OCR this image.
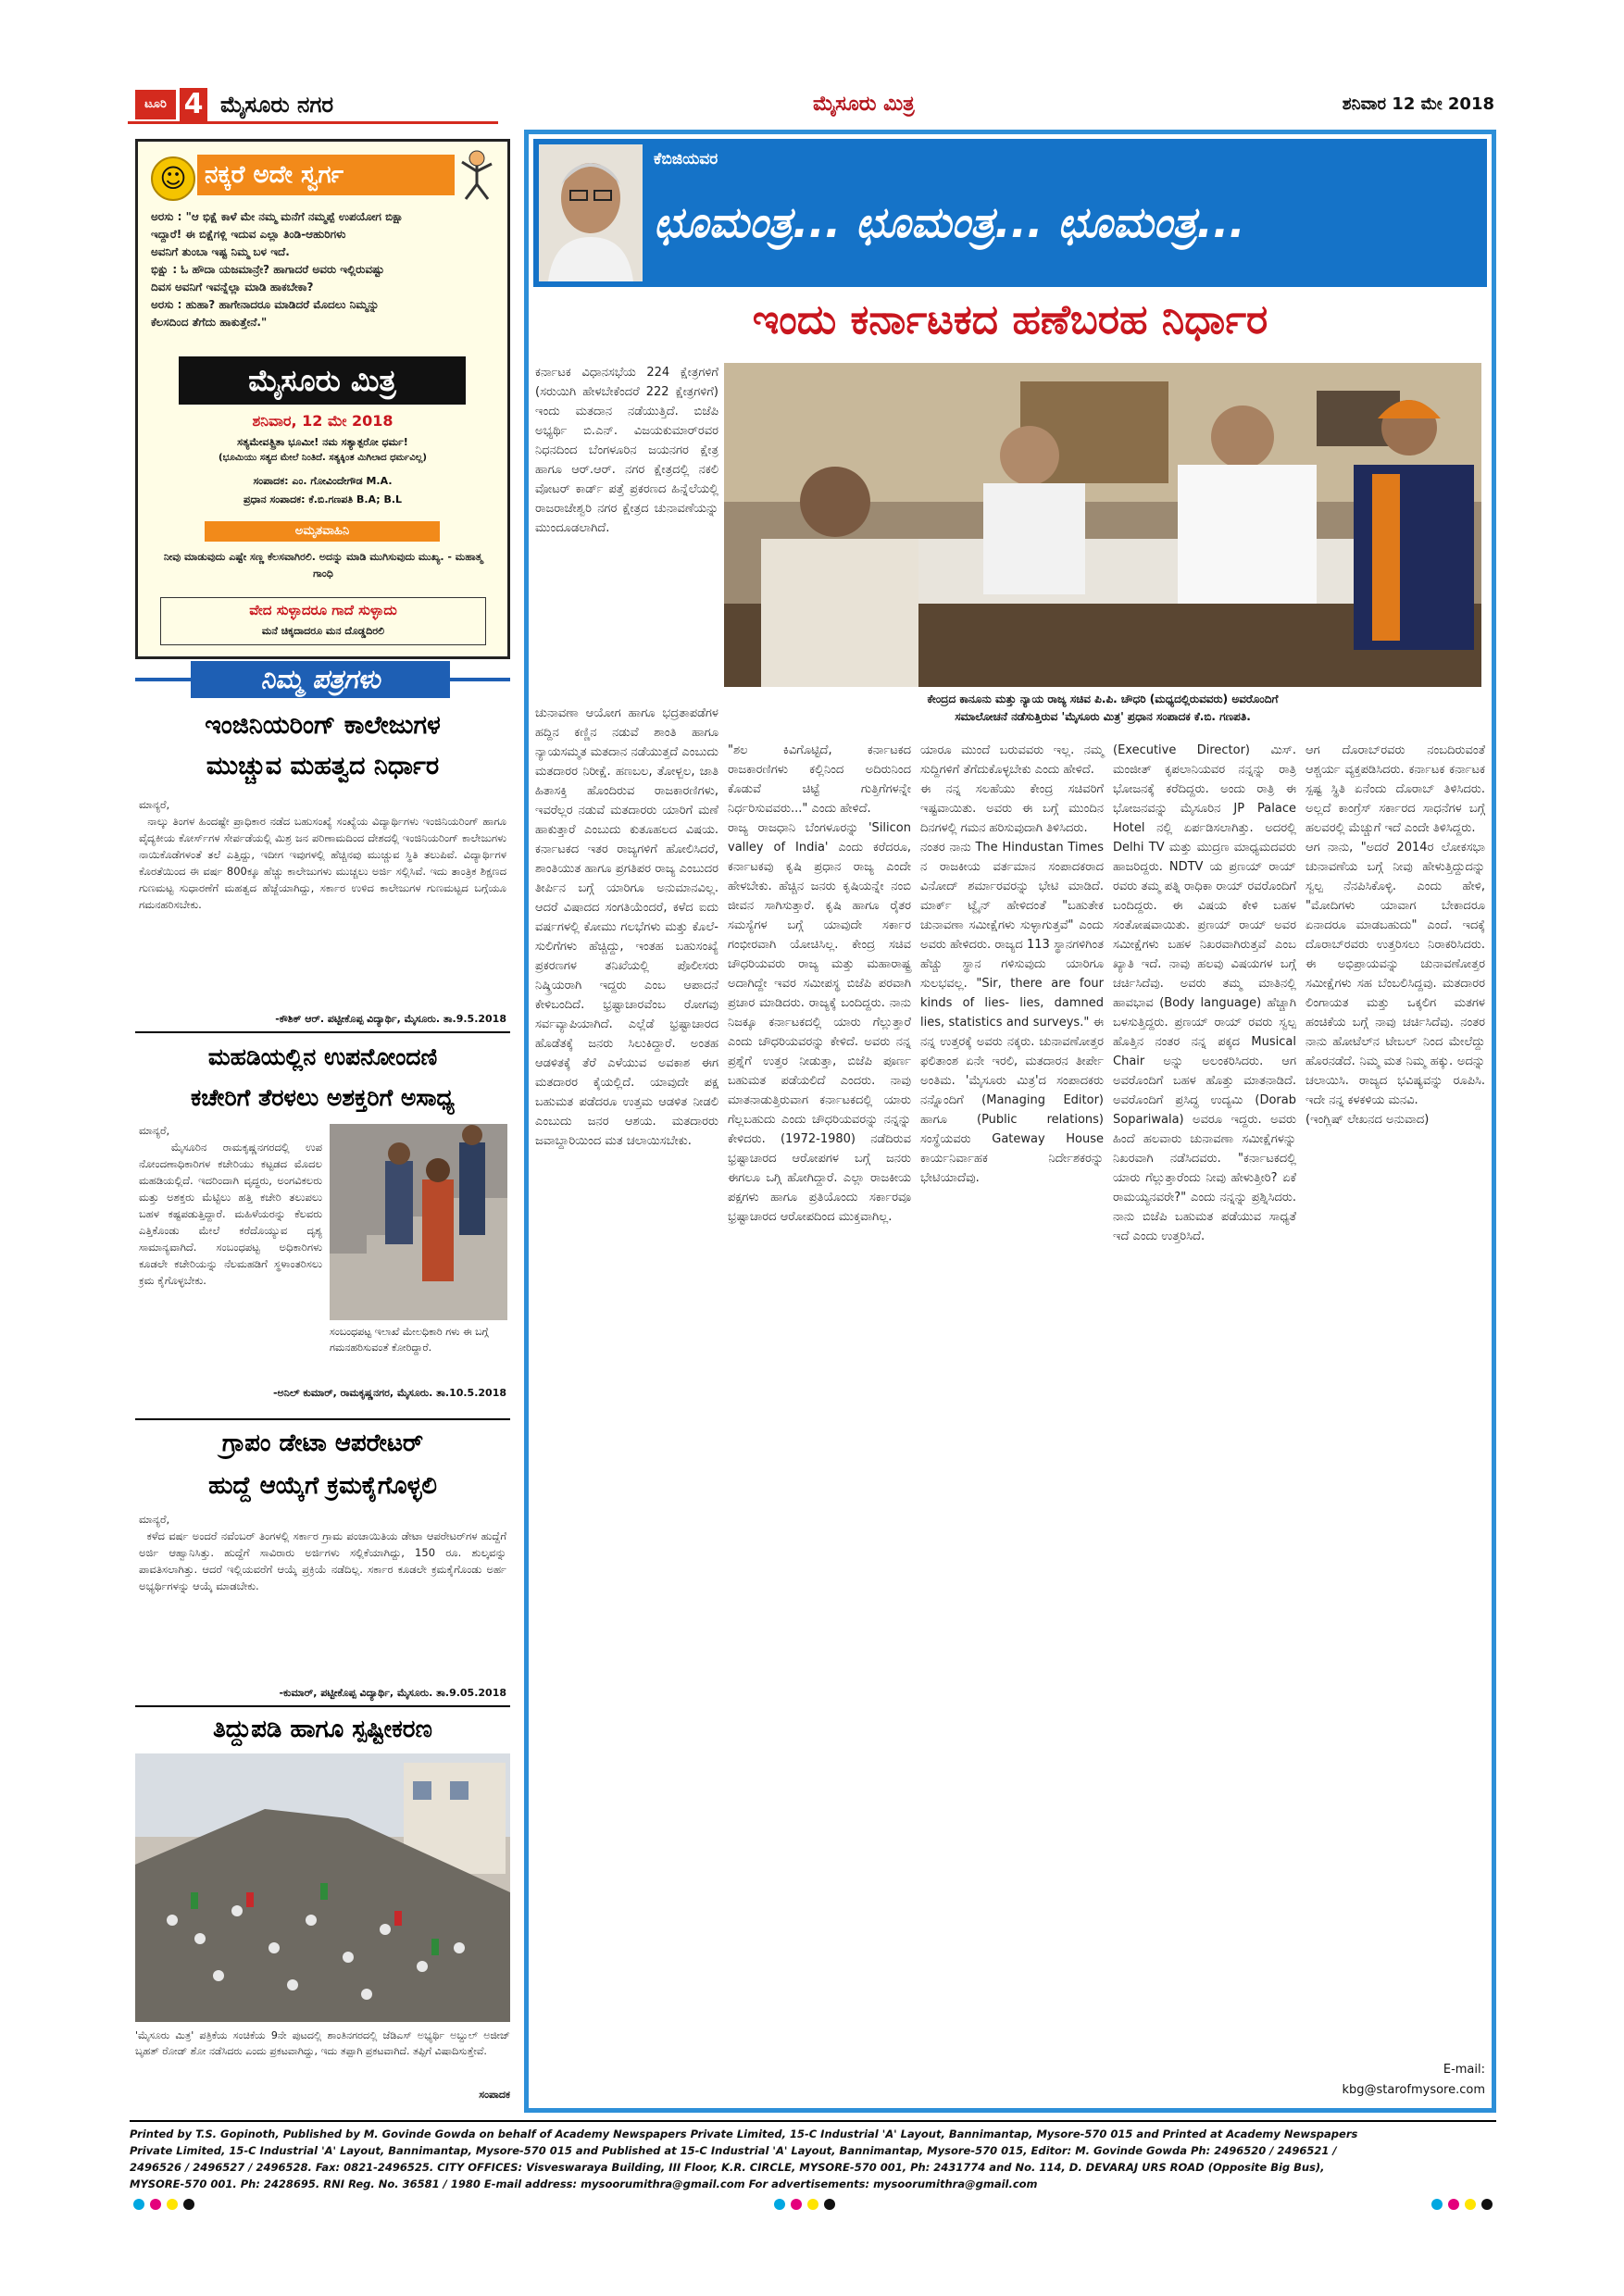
ಟೂರಿ 4 ಮೈಸೂರು ನಗರ	ಮೈಸೂರು ಮಿತ್ರ	ಶನಿವಾರ 12 ಮೇ 2018
☺ ನಕ್ಕರೆ ಅದೇ ಸ್ವರ್ಗ
ಅರಸು : "ಆ ಭಿಕ್ಷೆ ಕಾಳೆ ಮೇ ನಮ್ಮ ಮನೆಗೆ ನಮ್ಮಪ್ಪೆ ಉಪಯೋಗ ಬಿಕ್ಷಾ
ಇದ್ದಾರೆ! ಈ ಬಿಕ್ಷೆಗಳ್ಲಿ ಇದುವ ಎಲ್ಲಾ ತಿಂಡಿ-ಆಹುರಿಗಳು
ಅವನಿಗೆ ತುಂಬಾ ಇಷ್ಟ ನಿಮ್ಮ ಬಳ ಇದೆ.
ಭಿಕ್ಷು : ಓ ಹೌದಾ ಯಜಮಾನ್ರೇ? ಹಾಗಾದರೆ ಅವರು ಇಲ್ಲಿರುವಷ್ಟು
ದಿವಸ ಅವನಿಗೆ ಇವನ್ನೆಲ್ಲಾ ಮಾಡಿ ಹಾಕಬೇಕಾ?
ಅರಸು : ಹುಹಾ? ಹಾಗೇನಾದರೂ ಮಾಡಿದರೆ ಮೊದಲು ನಿಮ್ಮನ್ನು
ಕೆಲಸದಿಂದ ತೆಗೆದು ಹಾಕುತ್ತೇನೆ."
ಮೈಸೂರು ಮಿತ್ರ
ಶನಿವಾರ, 12 ಮೇ 2018
ಸತ್ಯಮೇವತ್ಪ್ರಿತಾ ಭೂಮೀ! ನಮ ಸತ್ಯಾತ್ಪರೋ ಧರ್ಮ!
(ಭೂಮಿಯು ಸತ್ಯದ ಮೇಲೆ ನಿಂತಿದೆ. ಸತ್ಯಕ್ಕಿಂತ ಮಿಗಿಲಾದ ಧರ್ಮವಿಲ್ಲ)
ಸಂಪಾದಕ: ಎಂ. ಗೋವಿಂದೇಗೌಡ M.A.
ಪ್ರಧಾನ ಸಂಪಾದಕ: ಕೆ.ಬಿ.ಗಣಪತಿ B.A; B.L
ಅಮೃತವಾಹಿನಿ
ನೀವು ಮಾಡುವುದು ಎಷ್ಟೇ ಸಣ್ಣ ಕೆಲಸವಾಗಿರಲಿ. ಅದನ್ನು ಮಾಡಿ ಮುಗಿಸುವುದು ಮುಖ್ಯ. - ಮಹಾತ್ಮ ಗಾಂಧಿ
ವೇದ ಸುಳ್ಳಾದರೂ ಗಾದೆ ಸುಳ್ಳಾದು
ಮನೆ ಚಿಕ್ಕದಾದರೂ ಮನ ದೊಡ್ಡದಿರಲಿ
ನಿಮ್ಮ ಪತ್ರಗಳು
ಇಂಜಿನಿಯರಿಂಗ್ ಕಾಲೇಜುಗಳ
ಮುಚ್ಚುವ ಮಹತ್ವದ ನಿರ್ಧಾರ
ಮಾನ್ಯರೆ,
ನಾಲ್ಕು ತಿಂಗಳ ಹಿಂದಷ್ಟೇ ಪ್ರಾಧಿಕಾರ ನಡೆದ ಬಹುಸಂಖ್ಯೆ ಸಂಖ್ಯೆಯ ವಿದ್ಯಾರ್ಥಿಗಳು ಇಂಜಿನಿಯರಿಂಗ್ ಹಾಗೂ ವೈದ್ಯಕೀಯ ಕೋರ್ಸ್‌ಗಳ ಸೇರ್ಪಡೆಯಲ್ಲಿ ಮಿಶ್ರ ಜನ ಪರಿಣಾಮದಿಂದ ದೇಶದಲ್ಲಿ ಇಂಜಿನಿಯರಿಂಗ್ ಕಾಲೇಜುಗಳು ನಾಯಿಕೊಡೆಗಳಂತೆ ತಲೆ ಎತ್ತಿದ್ದು, ಇದೀಗ ಇವುಗಳಲ್ಲಿ ಹೆಚ್ಚಿನವು ಮುಚ್ಚುವ ಸ್ಥಿತಿ ತಲುಪಿವೆ. ವಿದ್ಯಾರ್ಥಿಗಳ ಕೊರತೆಯಿಂದ ಈ ವರ್ಷ 800ಕ್ಕೂ ಹೆಚ್ಚು ಕಾಲೇಜುಗಳು ಮುಚ್ಚಲು ಅರ್ಜಿ ಸಲ್ಲಿಸಿವೆ. ಇದು ತಾಂತ್ರಿಕ ಶಿಕ್ಷಣದ ಗುಣಮಟ್ಟ ಸುಧಾರಣೆಗೆ ಮಹತ್ವದ ಹೆಜ್ಜೆಯಾಗಿದ್ದು, ಸರ್ಕಾರ ಉಳಿದ ಕಾಲೇಜುಗಳ ಗುಣಮಟ್ಟದ ಬಗ್ಗೆಯೂ ಗಮನಹರಿಸಬೇಕು.
-ಕೌಶಿಕ್ ಆರ್. ಪಟ್ಟೀಕೊಪ್ಪ ವಿದ್ಯಾರ್ಥಿ, ಮೈಸೂರು. ತಾ.9.5.2018
ಮಹಡಿಯಲ್ಲಿನ ಉಪನೋಂದಣಿ
ಕಚೇರಿಗೆ ತೆರಳಲು ಅಶಕ್ತರಿಗೆ ಅಸಾಧ್ಯ
ಮಾನ್ಯರೆ,
ಮೈಸೂರಿನ ರಾಮಕೃಷ್ಣನಗರದಲ್ಲಿ ಉಪ ನೋಂದಣಾಧಿಕಾರಿಗಳ ಕಚೇರಿಯು ಕಟ್ಟಡದ ಮೊದಲ ಮಹಡಿಯಲ್ಲಿದೆ. ಇದರಿಂದಾಗಿ ವೃದ್ಧರು, ಅಂಗವಿಕಲರು ಮತ್ತು ಅಶಕ್ತರು ಮೆಟ್ಟಿಲು ಹತ್ತಿ ಕಚೇರಿ ತಲುಪಲು ಬಹಳ ಕಷ್ಟಪಡುತ್ತಿದ್ದಾರೆ. ಮಹಿಳೆಯರನ್ನು ಕೆಲವರು ಎತ್ತಿಕೊಂಡು ಮೇಲೆ ಕರೆದೊಯ್ಯುವ ದೃಶ್ಯ ಸಾಮಾನ್ಯವಾಗಿದೆ. ಸಂಬಂಧಪಟ್ಟ ಅಧಿಕಾರಿಗಳು ಕೂಡಲೇ ಕಚೇರಿಯನ್ನು ನೆಲಮಹಡಿಗೆ ಸ್ಥಳಾಂತರಿಸಲು ಕ್ರಮ ಕೈಗೊಳ್ಳಬೇಕು.
ಸಂಬಂಧಪಟ್ಟ ಇಲಾಖೆ ಮೇಲಧಿಕಾರಿ ಗಳು ಈ ಬಗ್ಗೆ ಗಮನಹರಿಸುವಂತೆ ಕೋರಿದ್ದಾರೆ.
-ಅನಿಲ್ ಕುಮಾರ್, ರಾಮಕೃಷ್ಣನಗರ, ಮೈಸೂರು. ತಾ.10.5.2018
ಗ್ರಾಪಂ ಡೇಟಾ ಆಪರೇಟರ್
ಹುದ್ದೆ ಆಯ್ಕೆಗೆ ಕ್ರಮಕೈಗೊಳ್ಳಲಿ
ಮಾನ್ಯರೆ,
ಕಳೆದ ವರ್ಷ ಅಂದರೆ ನವೆಂಬರ್ ತಿಂಗಳಲ್ಲಿ ಸರ್ಕಾರ ಗ್ರಾಮ ಪಂಚಾಯಿತಿಯ ಡೇಟಾ ಆಪರೇಟರ್‌ಗಳ ಹುದ್ದೆಗೆ ಅರ್ಜಿ ಆಹ್ವಾನಿಸಿತ್ತು. ಹುದ್ದೆಗೆ ಸಾವಿರಾರು ಅರ್ಜಿಗಳು ಸಲ್ಲಿಕೆಯಾಗಿದ್ದು, 150 ರೂ. ಶುಲ್ಕವನ್ನು ಪಾವತಿಸಲಾಗಿತ್ತು. ಆದರೆ ಇಲ್ಲಿಯವರೆಗೆ ಆಯ್ಕೆ ಪ್ರಕ್ರಿಯೆ ನಡೆದಿಲ್ಲ. ಸರ್ಕಾರ ಕೂಡಲೇ ಕ್ರಮಕೈಗೊಂಡು ಅರ್ಹ ಅಭ್ಯರ್ಥಿಗಳನ್ನು ಆಯ್ಕೆ ಮಾಡಬೇಕು.
-ಕುಮಾರ್, ಪಟ್ಟೀಕೊಪ್ಪ ವಿದ್ಯಾರ್ಥಿ, ಮೈಸೂರು. ತಾ.9.05.2018
ತಿದ್ದುಪಡಿ ಹಾಗೂ ಸ್ಪಷ್ಟೀಕರಣ
'ಮೈಸೂರು ಮಿತ್ರ' ಪತ್ರಿಕೆಯ ಸಂಚಿಕೆಯ 9ನೇ ಪುಟದಲ್ಲಿ ಶಾಂತಿನಗರದಲ್ಲಿ ಜೆಡಿಎಸ್ ಅಭ್ಯರ್ಥಿ ಅಬ್ದುಲ್ ಅಜೀಜ್ ಬೃಹತ್ ರೋಡ್ ಶೋ ನಡೆಸಿದರು ಎಂದು ಪ್ರಕಟವಾಗಿದ್ದು, ಇದು ತಪ್ಪಾಗಿ ಪ್ರಕಟವಾಗಿದೆ. ತಪ್ಪಿಗೆ ವಿಷಾದಿಸುತ್ತೇವೆ.
ಸಂಪಾದಕ
ಕೆಬಿಜಿಯವರ
ಛೂಮಂತ್ರ... ಛೂಮಂತ್ರ... ಛೂಮಂತ್ರ...
ಇಂದು ಕರ್ನಾಟಕದ ಹಣೆಬರಹ ನಿರ್ಧಾರ
ಕೇಂದ್ರದ ಕಾನೂನು ಮತ್ತು ನ್ಯಾಯ ರಾಜ್ಯ ಸಚಿವ ಪಿ.ಪಿ. ಚೌಧರಿ (ಮಧ್ಯದಲ್ಲಿರುವವರು) ಅವರೊಂದಿಗೆ
ಸಮಾಲೋಚನೆ ನಡೆಸುತ್ತಿರುವ 'ಮೈಸೂರು ಮಿತ್ರ' ಪ್ರಧಾನ ಸಂಪಾದಕ ಕೆ.ಬಿ. ಗಣಪತಿ.
ಕರ್ನಾಟಕ ವಿಧಾನಸಭೆಯ 224 ಕ್ಷೇತ್ರಗಳಿಗೆ (ಸರುಯಿಗಿ ಹೇಳಬೇಕೆಂದರೆ 222 ಕ್ಷೇತ್ರಗಳಿಗೆ) ಇಂದು ಮತದಾನ ನಡೆಯುತ್ತಿದೆ. ಬಿಜೆಪಿ ಅಭ್ಯರ್ಥಿ ಬಿ.ಎನ್. ವಿಜಯಕುಮಾರ್‌ರವರ ನಿಧನದಿಂದ ಬೆಂಗಳೂರಿನ ಜಯನಗರ ಕ್ಷೇತ್ರ ಹಾಗೂ ಆರ್.ಆರ್. ನಗರ ಕ್ಷೇತ್ರದಲ್ಲಿ ನಕಲಿ ವೋಟರ್ ಕಾರ್ಡ್ ಪತ್ತೆ ಪ್ರಕರಣದ ಹಿನ್ನೆಲೆಯಲ್ಲಿ ರಾಜರಾಜೇಶ್ವರಿ ನಗರ ಕ್ಷೇತ್ರದ ಚುನಾವಣೆಯನ್ನು ಮುಂದೂಡಲಾಗಿದೆ.
ಚುನಾವಣಾ ಆಯೋಗ ಹಾಗೂ ಭದ್ರತಾಪಡೆಗಳ ಹದ್ದಿನ ಕಣ್ಣಿನ ನಡುವೆ ಶಾಂತಿ ಹಾಗೂ ನ್ಯಾಯಸಮ್ಮತ ಮತದಾನ ನಡೆಯುತ್ತದೆ ಎಂಬುದು ಮತದಾರರ ನಿರೀಕ್ಷೆ. ಹಣಬಲ, ತೋಳ್ಬಲ, ಜಾತಿ ಹಿತಾಸಕ್ತಿ ಹೊಂದಿರುವ ರಾಜಕಾರಣಿಗಳು, ಇವರೆಲ್ಲರ ನಡುವೆ ಮತದಾರರು ಯಾರಿಗೆ ಮಣೆ ಹಾಕುತ್ತಾರೆ ಎಂಬುದು ಕುತೂಹಲದ ವಿಷಯ. ಕರ್ನಾಟಕದ ಇತರ ರಾಜ್ಯಗಳಿಗೆ ಹೋಲಿಸಿದರೆ, ಶಾಂತಿಯುತ ಹಾಗೂ ಪ್ರಗತಿಪರ ರಾಜ್ಯ ಎಂಬುದರ ತೀರ್ಪಿನ ಬಗ್ಗೆ ಯಾರಿಗೂ ಅನುಮಾನವಿಲ್ಲ. ಆದರೆ ವಿಷಾದದ ಸಂಗತಿಯೆಂದರೆ, ಕಳೆದ ಐದು ವರ್ಷಗಳಲ್ಲಿ ಕೋಮು ಗಲಭೆಗಳು ಮತ್ತು ಕೊಲೆ-ಸುಲಿಗೆಗಳು ಹೆಚ್ಚಿದ್ದು, ಇಂತಹ ಬಹುಸಂಖ್ಯೆ ಪ್ರಕರಣಗಳ ತನಿಖೆಯಲ್ಲಿ ಪೊಲೀಸರು ನಿಷ್ಕ್ರಿಯರಾಗಿ ಇದ್ದರು ಎಂಬ ಆಪಾದನೆ ಕೇಳಿಬಂದಿದೆ. ಭ್ರಷ್ಟಾಚಾರವೆಂಬ ರೋಗವು ಸರ್ವವ್ಯಾಪಿಯಾಗಿದೆ. ಎಲ್ಲೆಡೆ ಭ್ರಷ್ಟಾಚಾರದ ಹೊಡೆತಕ್ಕೆ ಜನರು ಸಿಲುಕಿದ್ದಾರೆ. ಅಂತಹ ಆಡಳಿತಕ್ಕೆ ತೆರೆ ಎಳೆಯುವ ಅವಕಾಶ ಈಗ ಮತದಾರರ ಕೈಯಲ್ಲಿದೆ. ಯಾವುದೇ ಪಕ್ಷ ಬಹುಮತ ಪಡೆದರೂ ಉತ್ತಮ ಆಡಳಿತ ನೀಡಲಿ ಎಂಬುದು ಜನರ ಆಶಯ. ಮತದಾರರು ಜವಾಬ್ದಾರಿಯಿಂದ ಮತ ಚಲಾಯಿಸಬೇಕು.
"ಶಲ ಕಿವಿಗೊಟ್ಟಿದೆ, ಕರ್ನಾಟಕದ ರಾಜಕಾರಣಿಗಳು ಕಲ್ಲಿನಿಂದ ಅದಿರುನಿಂದ ಕೊಡುವೆ ಚಿಟ್ಟೆ ಗುತ್ತಿಗೆಗಳನ್ನೇ ನಿರ್ಧರಿಸುವವರು..." ಎಂದು ಹೇಳಿದೆ.
ರಾಜ್ಯ ರಾಜಧಾನಿ ಬೆಂಗಳೂರನ್ನು 'Silicon valley of India' ಎಂದು ಕರೆದರೂ, ಕರ್ನಾಟಕವು ಕೃಷಿ ಪ್ರಧಾನ ರಾಜ್ಯ ಎಂದೇ ಹೇಳಬೇಕು. ಹೆಚ್ಚಿನ ಜನರು ಕೃಷಿಯನ್ನೇ ನಂಬಿ ಜೀವನ ಸಾಗಿಸುತ್ತಾರೆ. ಕೃಷಿ ಹಾಗೂ ರೈತರ ಸಮಸ್ಯೆಗಳ ಬಗ್ಗೆ ಯಾವುದೇ ಸರ್ಕಾರ ಗಂಭೀರವಾಗಿ ಯೋಚಿಸಿಲ್ಲ. ಕೇಂದ್ರ ಸಚಿವ ಚೌಧರಿಯವರು ರಾಜ್ಯ ಮತ್ತು ಮಹಾರಾಷ್ಟ್ರ ಅದಾಗಿದ್ದೇ ಇವರ ಸಮೀಪಸ್ಥ ಬಿಜೆಪಿ ಪರವಾಗಿ ಪ್ರಚಾರ ಮಾಡಿದರು. ರಾಜ್ಯಕ್ಕೆ ಬಂದಿದ್ದರು. ನಾನು ನಿಜಕ್ಕೂ ಕರ್ನಾಟಕದಲ್ಲಿ ಯಾರು ಗೆಲ್ಲುತ್ತಾರೆ ಎಂದು ಚೌಧರಿಯವರನ್ನು ಕೇಳಿದೆ. ಅವರು ನನ್ನ ಪ್ರಶ್ನೆಗೆ ಉತ್ತರ ನೀಡುತ್ತಾ, ಬಿಜೆಪಿ ಪೂರ್ಣ ಬಹುಮತ ಪಡೆಯಲಿದೆ ಎಂದರು. ನಾವು ಮಾತನಾಡುತ್ತಿರುವಾಗ ಕರ್ನಾಟಕದಲ್ಲಿ ಯಾರು ಗೆಲ್ಲಬಹುದು ಎಂದು ಚೌಧರಿಯವರನ್ನು ನನ್ನನ್ನು ಕೇಳಿದರು. (1972-1980) ನಡೆದಿರುವ ಭ್ರಷ್ಟಾಚಾರದ ಆರೋಪಗಳ ಬಗ್ಗೆ ಜನರು ಈಗಲೂ ಒಗ್ಗಿ ಹೋಗಿದ್ದಾರೆ. ಎಲ್ಲಾ ರಾಜಕೀಯ ಪಕ್ಷಗಳು ಹಾಗೂ ಪ್ರತಿಯೊಂದು ಸರ್ಕಾರವೂ ಭ್ರಷ್ಟಾಚಾರದ ಆರೋಪದಿಂದ ಮುಕ್ತವಾಗಿಲ್ಲ.
ಯಾರೂ ಮುಂದೆ ಬರುವವರು ಇಲ್ಲ. ನಮ್ಮ ಸುದ್ದಿಗಳಿಗೆ ತೆಗೆದುಕೊಳ್ಳಬೇಕು ಎಂದು ಹೇಳಿದೆ.
ಈ ನನ್ನ ಸಲಹೆಯು ಕೇಂದ್ರ ಸಚಿವರಿಗೆ ಇಷ್ಟವಾಯಿತು. ಅವರು ಈ ಬಗ್ಗೆ ಮುಂದಿನ ದಿನಗಳಲ್ಲಿ ಗಮನ ಹರಿಸುವುದಾಗಿ ತಿಳಿಸಿದರು.
ನಂತರ ನಾನು The Hindustan Times ನ ರಾಜಕೀಯ ವರ್ತಮಾನ ಸಂಪಾದಕರಾದ ವಿನೋದ್ ಶರ್ಮಾರವರನ್ನು ಭೇಟಿ ಮಾಡಿದೆ. ಮಾರ್ಕ್ ಟ್ವೈನ್ ಹೇಳಿದಂತೆ "ಬಹುತೇಕ ಚುನಾವಣಾ ಸಮೀಕ್ಷೆಗಳು ಸುಳ್ಳಾಗುತ್ತವೆ" ಎಂದು ಅವರು ಹೇಳಿದರು. ರಾಜ್ಯದ 113 ಸ್ಥಾನಗಳಿಗಿಂತ ಹೆಚ್ಚು ಸ್ಥಾನ ಗಳಿಸುವುದು ಯಾರಿಗೂ ಸುಲಭವಲ್ಲ. "Sir, there are four kinds of lies- lies, damned lies, statistics and surveys." ಈ ನನ್ನ ಉತ್ತರಕ್ಕೆ ಅವರು ನಕ್ಕರು. ಚುನಾವಣೋತ್ತರ ಫಲಿತಾಂಶ ಏನೇ ಇರಲಿ, ಮತದಾರನ ತೀರ್ಪೇ ಅಂತಿಮ. 'ಮೈಸೂರು ಮಿತ್ರ'ದ ಸಂಪಾದಕರು ನನ್ನೊಂದಿಗೆ (Managing Editor) ಹಾಗೂ (Public relations) ಸಂಸ್ಥೆಯವರು Gateway House ಕಾರ್ಯನಿರ್ವಾಹಕ ನಿರ್ದೇಶಕರನ್ನು ಭೇಟಿಯಾದೆವು.
(Executive Director) ಮಿಸ್. ಮಂಜೀತ್ ಕೃಪಲಾನಿಯವರ ನನ್ನನ್ನು ರಾತ್ರಿ ಭೋಜನಕ್ಕೆ ಕರೆದಿದ್ದರು. ಅಂದು ರಾತ್ರಿ ಈ ಭೋಜನವನ್ನು ಮೈಸೂರಿನ JP Palace Hotel ನಲ್ಲಿ ಏರ್ಪಡಿಸಲಾಗಿತ್ತು. ಅದರಲ್ಲಿ Delhi TV ಮತ್ತು ಮುದ್ರಣ ಮಾಧ್ಯಮದವರು ಹಾಜರಿದ್ದರು. NDTV ಯ ಪ್ರಣಯ್ ರಾಯ್ ರವರು ತಮ್ಮ ಪತ್ನಿ ರಾಧಿಕಾ ರಾಯ್ ರವರೊಂದಿಗೆ ಬಂದಿದ್ದರು. ಈ ವಿಷಯ ಕೇಳಿ ಬಹಳ ಸಂತೋಷವಾಯಿತು. ಪ್ರಣಯ್ ರಾಯ್ ಅವರ ಸಮೀಕ್ಷೆಗಳು ಬಹಳ ನಿಖರವಾಗಿರುತ್ತವೆ ಎಂಬ ಖ್ಯಾತಿ ಇದೆ. ನಾವು ಹಲವು ವಿಷಯಗಳ ಬಗ್ಗೆ ಚರ್ಚಿಸಿದೆವು. ಅವರು ತಮ್ಮ ಮಾತಿನಲ್ಲಿ ಹಾವಭಾವ (Body language) ಹೆಚ್ಚಾಗಿ ಬಳಸುತ್ತಿದ್ದರು. ಪ್ರಣಯ್ ರಾಯ್ ರವರು ಸ್ವಲ್ಪ ಹೊತ್ತಿನ ನಂತರ ನನ್ನ ಪಕ್ಕದ Musical Chair ಅನ್ನು ಅಲಂಕರಿಸಿದರು. ಆಗ ಅವರೊಂದಿಗೆ ಬಹಳ ಹೊತ್ತು ಮಾತನಾಡಿದೆ. ಅವರೊಂದಿಗೆ ಪ್ರಸಿದ್ಧ ಉದ್ಯಮಿ (Dorab Sopariwala) ಅವರೂ ಇದ್ದರು. ಅವರು ಹಿಂದೆ ಹಲವಾರು ಚುನಾವಣಾ ಸಮೀಕ್ಷೆಗಳನ್ನು ನಿಖರವಾಗಿ ನಡೆಸಿದವರು. "ಕರ್ನಾಟಕದಲ್ಲಿ ಯಾರು ಗೆಲ್ಲುತ್ತಾರೆಂದು ನೀವು ಹೇಳುತ್ತೀರಿ? ಏಕೆ ರಾಮಯ್ಯನವರೇ?" ಎಂದು ನನ್ನನ್ನು ಪ್ರಶ್ನಿಸಿದರು. ನಾನು ಬಿಜೆಪಿ ಬಹುಮತ ಪಡೆಯುವ ಸಾಧ್ಯತೆ ಇದೆ ಎಂದು ಉತ್ತರಿಸಿದೆ.
ಆಗ ದೊರಾಬ್‌ರವರು ನಂಬದಿರುವಂತೆ ಆಶ್ಚರ್ಯ ವ್ಯಕ್ತಪಡಿಸಿದರು. ಕರ್ನಾಟಕ ಕರ್ನಾಟಕ ಸ್ಪಷ್ಟ ಸ್ಥಿತಿ ಏನೆಂದು ದೊರಾಬ್ ತಿಳಿಸಿದರು. ಅಲ್ಲದೆ ಕಾಂಗ್ರೆಸ್ ಸರ್ಕಾರದ ಸಾಧನೆಗಳ ಬಗ್ಗೆ ಹಲವರಲ್ಲಿ ಮೆಚ್ಚುಗೆ ಇದೆ ಎಂದೇ ತಿಳಿಸಿದ್ದರು.
ಆಗ ನಾನು, "ಅದರೆ 2014ರ ಲೋಕಸಭಾ ಚುನಾವಣೆಯ ಬಗ್ಗೆ ನೀವು ಹೇಳುತ್ತಿದ್ದುದನ್ನು ಸ್ವಲ್ಪ ನೆನಪಿಸಿಕೊಳ್ಳಿ. ಎಂದು ಹೇಳಿ, "ಮೋದಿಗಳು ಯಾವಾಗ ಬೇಕಾದರೂ ಏನಾದರೂ ಮಾಡಬಹುದು" ಎಂದೆ. ಇದಕ್ಕೆ ದೊರಾಬ್‌ರವರು ಉತ್ತರಿಸಲು ನಿರಾಕರಿಸಿದರು. ಈ ಅಭಿಪ್ರಾಯವನ್ನು ಚುನಾವಣೋತ್ತರ ಸಮೀಕ್ಷೆಗಳು ಸಹ ಬೆಂಬಲಿಸಿದ್ದವು. ಮತದಾರರ ಲಿಂಗಾಯತ ಮತ್ತು ಒಕ್ಕಲಿಗ ಮತಗಳ ಹಂಚಿಕೆಯ ಬಗ್ಗೆ ನಾವು ಚರ್ಚಿಸಿದೆವು. ನಂತರ ನಾನು ಹೋಟೆಲ್‌ನ ಟೇಬಲ್ ನಿಂದ ಮೇಲೆದ್ದು ಹೊರನಡೆದೆ. ನಿಮ್ಮ ಮತ ನಿಮ್ಮ ಹಕ್ಕು. ಅದನ್ನು ಚಲಾಯಿಸಿ. ರಾಜ್ಯದ ಭವಿಷ್ಯವನ್ನು ರೂಪಿಸಿ. ಇದೇ ನನ್ನ ಕಳಕಳಿಯ ಮನವಿ.
(ಇಂಗ್ಲಿಷ್ ಲೇಖನದ ಅನುವಾದ)
E-mail:
kbg@starofmysore.com
Printed by T.S. Gopinoth, Published by M. Govinde Gowda on behalf of Academy Newspapers Private Limited, 15-C Industrial 'A' Layout, Bannimantap, Mysore-570 015 and Printed at Academy Newspapers
Private Limited, 15-C Industrial 'A' Layout, Bannimantap, Mysore-570 015 and Published at 15-C Industrial 'A' Layout, Bannimantap, Mysore-570 015, Editor: M. Govinde Gowda Ph: 2496520 / 2496521 /
2496526 / 2496527 / 2496528. Fax: 0821-2496525. CITY OFFICES: Visveswaraya Building, III Floor, K.R. CIRCLE, MYSORE-570 001, Ph: 2431774 and No. 114, D. DEVARAJ URS ROAD (Opposite Big Bus),
MYSORE-570 001. Ph: 2428695. RNI Reg. No. 36581 / 1980 E-mail address: mysoorumithra@gmail.com For advertisements: mysoorumithra@gmail.com
